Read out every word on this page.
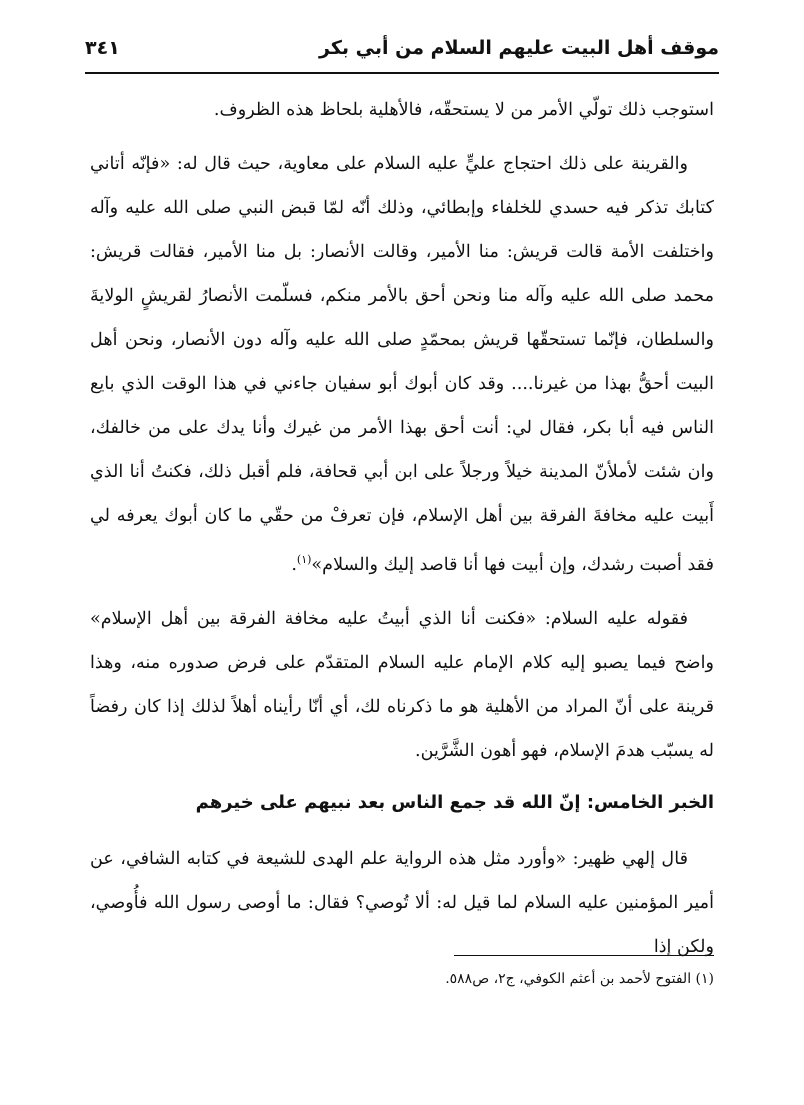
موقف أهل البيت عليهم السلام من أبي بكر
٣٤١

استوجب ذلك تولّي الأمر من لا يستحقّه، فالأهلية بلحاظ هذه الظروف.

والقرينة على ذلك احتجاج عليٍّ عليه السلام على معاوية، حيث قال له: «فإنّه أتاني كتابك تذكر فيه حسدي للخلفاء وإبطائي، وذلك أنّه لمّا قبض النبي صلى الله عليه وآله واختلفت الأمة قالت قريش: منا الأمير، وقالت الأنصار: بل منا الأمير، فقالت قريش: محمد صلى الله عليه وآله منا ونحن أحق بالأمر منكم، فسلّمت الأنصارُ لقريشٍ الولايةَ والسلطان، فإنّما تستحقّها قريش بمحمّدٍ صلى الله عليه وآله دون الأنصار، ونحن أهل البيت أحقُّ بهذا من غيرنا.... وقد كان أبوك أبو سفيان جاءني في هذا الوقت الذي بايع الناس فيه أبا بكر، فقال لي: أنت أحق بهذا الأمر من غيرك وأنا يدك على من خالفك، وان شئت لأملأنّ المدينة خيلاً ورجلاً على ابن أبي قحافة، فلم أقبل ذلك، فكنتُ أنا الذي أَبيت عليه مخافةَ الفرقة بين أهل الإسلام، فإن تعرفْ من حقّي ما كان أبوك يعرفه لي فقد أصبت رشدك، وإن أبيت فها أنا قاصد إليك والسلام»$^{(١)}$.

فقوله عليه السلام: «فكنت أنا الذي أبيتُ عليه مخافة الفرقة بين أهل الإسلام» واضح فيما يصبو إليه كلام الإمام عليه السلام المتقدّم على فرض صدوره منه، وهذا قرينة على أنّ المراد من الأهلية هو ما ذكرناه لك، أي أنّا رأيناه أهلاً لذلك إذا كان رفضاً له يسبّب هدمَ الإسلام، فهو أهون الشَّرَّين.

الخبر الخامس: إنّ الله قد جمع الناس بعد نبيهم على خيرهم

قال إلهي ظهير: «وأورد مثل هذه الرواية علم الهدى للشيعة في كتابه الشافي، عن أمير المؤمنين عليه السلام لما قيل له: ألا تُوصي؟ فقال: ما أوصى رسول الله فأُوصي، ولكن إذا

(١) الفتوح لأحمد بن أعثم الكوفي، ج٢، ص٥٨٨.
